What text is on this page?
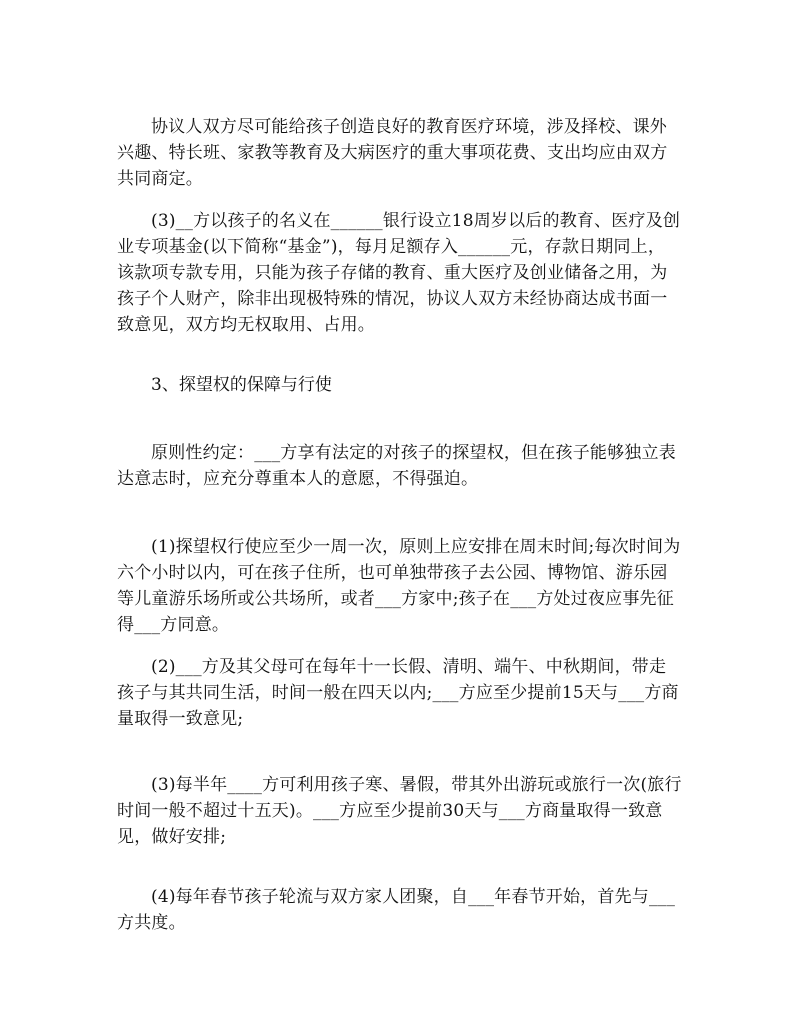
协议人双方尽可能给孩子创造良好的教育医疗环境，涉及择校、课外兴趣、特长班、家教等教育及大病医疗的重大事项花费、支出均应由双方共同商定。

(3)__方以孩子的名义在______银行设立18周岁以后的教育、医疗及创业专项基金(以下简称“基金”)，每月足额存入______元，存款日期同上，该款项专款专用，只能为孩子存储的教育、重大医疗及创业储备之用，为孩子个人财产，除非出现极特殊的情况，协议人双方未经协商达成书面一致意见，双方均无权取用、占用。

3、探望权的保障与行使

原则性约定：___方享有法定的对孩子的探望权，但在孩子能够独立表达意志时，应充分尊重本人的意愿，不得强迫。

(1)探望权行使应至少一周一次，原则上应安排在周末时间;每次时间为六个小时以内，可在孩子住所，也可单独带孩子去公园、博物馆、游乐园等儿童游乐场所或公共场所，或者___方家中;孩子在___方处过夜应事先征得___方同意。

(2)___方及其父母可在每年十一长假、清明、端午、中秋期间，带走孩子与其共同生活，时间一般在四天以内;___方应至少提前15天与___方商量取得一致意见;

(3)每半年____方可利用孩子寒、暑假，带其外出游玩或旅行一次(旅行时间一般不超过十五天)。___方应至少提前30天与___方商量取得一致意见，做好安排;

(4)每年春节孩子轮流与双方家人团聚，自___年春节开始，首先与___方共度。
